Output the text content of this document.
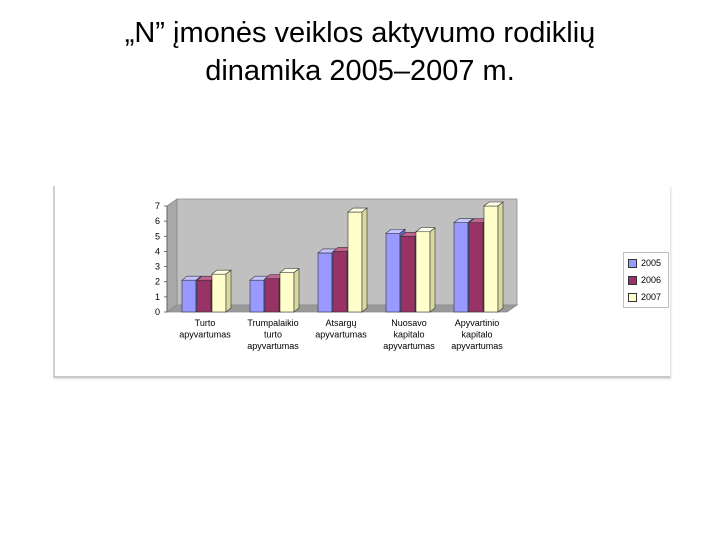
„N” įmonės veiklos aktyvumo rodiklių
dinamika 2005–2007 m.
0
1
2
3
4
5
6
7
Turto apyvartumas
Trumpalaikio turto apyvartumas
Atsargų apyvartumas
Nuosavo kapitalo apyvartumas
Apyvartinio kapitalo apyvartumas
2005
2006
2007
